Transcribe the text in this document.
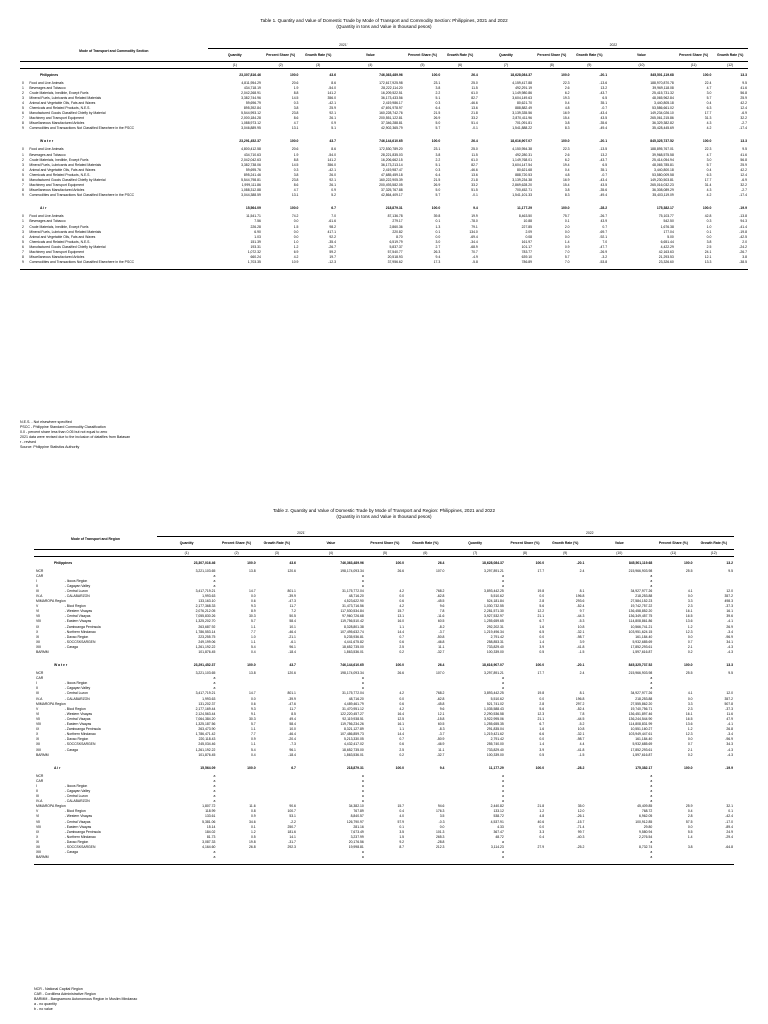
Table 1. Quantity and Value of Domestic Trade by Mode of Transport and Commodity Section: Philippines, 2021 and 2022
(Quantity in tons and Value in thousand pesos)
Mode of Transport and Commodity Section		2021'						2022					
		Quantity	Percent Share (%)	Growth Rate (%)	Value	Percent Share (%)	Growth Rate (%)	Quantity	Percent Share (%)	Growth Rate (%)	Value	Percent Share (%)	Growth Rate (%)
		(1)	(2)	(3)	(4)	(5)	(6)	(7)	(8)	(9)	(10)	(11)	(12)
Philippines		23,307,816.46	100.0	43.6	746,363,489.96	100.0	26.4	18,628,084.37	100.0	-20.1	845,501,119.68	100.0	13.3
0	Food and Live Animals	4,811,954.29	20.6	8.6	172,617,925.98	23.1	25.0	4,159,417.88	22.3	-13.6	188,970,870.78	22.4	9.5
1	Beverages and Tobacco	434,718.19	1.9	-54.0	28,222,114.20	3.8	11.5	492,291.19	2.6	13.2	39,969,118.08	4.7	41.6
2	Crude Materials, Inedible, Except Fuels	2,042,268.91	8.8	141.2	16,209,522.51	2.2	61.0	1,149,980.86	6.2	-43.7	25,415,731.32	3.0	56.8
3	Mineral Fuels, Lubricants and Related Materials	3,382,744.96	14.5	356.0	36,173,433.56	5.1	82.7	3,604,149.63	19.3	6.5	48,065,962.84	5.7	25.9
4	Animal and Vegetable Oils, Fats and Waxes	59,696.79	0.3	-42.1	2,419,986.17	0.3	-46.6	80,621.70	0.4	35.1	3,440,805.18	0.4	42.2
5	Chemicals and Related Products, N.E.S.	895,392.84	3.8	25.9	47,691,978.97	6.4	13.6	888,882.49	4.8	-0.7	53,586,661.02	6.3	12.4
6	Manufactured Goods Classified Chiefly by Material	5,544,993.12	23.8	92.1	160,228,742.76	21.5	21.8	3,139,335.56	16.9	-43.4	149,234,026.10	17.7	-6.9
7	Machinery and Transport Equipment	2,000,184.28	8.6	26.1	200,551,122.81	26.9	33.2	2,870,411.96	15.4	43.5	265,061,215.86	31.3	32.2
8	Miscellaneous Manufactured Articles	1,088,973.12	4.7	0.9	37,346,288.81	5.0	51.4	701,091.81	3.8	-35.6	36,329,382.82	4.3	-2.7
9	Commodities and Transactions Not Classified Elsewhere in the PSCC	3,046,889.95	13.1	5.1	42,902,365.79	5.7	-0.1	1,541,888.22	8.3	-49.4	35,428,445.69	4.2	-17.4

W a t e r		23,291,452.37	100.0	43.7	746,144,610.65	100.0	26.4	18,616,907.07	100.0	-20.1	845,325,737.52	100.0	13.3
0	Food and Live Animals	4,800,412.58	20.6	8.6	172,530,789.20	23.1	25.0	4,150,954.38	22.3	-13.5	188,895,767.01	22.3	9.5
1	Beverages and Tobacco	434,710.63	1.9	-54.0	28,221,835.03	3.8	11.5	492,280.31	2.6	13.2	39,968,575.58	4.7	41.6
2	Crude Materials, Inedible, Except Fuels	2,042,042.63	8.8	141.2	16,206,662.15	2.2	61.0	1,149,768.01	6.2	-43.7	25,414,054.94	3.0	56.8
3	Mineral Fuels, Lubricants and Related Materials	3,382,738.06	14.5	356.0	36,173,213.14	5.1	82.7	3,604,147.54	19.4	6.5	48,065,785.81	5.7	25.9
4	Animal and Vegetable Oils, Fats and Waxes	59,695.76	0.3	-42.1	2,419,987.47	0.3	-46.6	80,621.68	0.4	35.1	3,440,800.18	0.4	42.2
5	Chemicals and Related Products, N.E.S.	895,241.46	3.8	26.0	47,685,459.18	6.4	13.6	888,720.53	4.8	-0.7	53,580,009.58	6.3	12.4
6	Manufactured Goods Classified Chiefly by Material	5,544,798.81	23.8	92.1	160,222,905.39	21.5	21.8	3,139,234.38	16.9	-43.4	149,230,503.81	17.7	-6.9
7	Machinery and Transport Equipment	1,999,111.86	8.6	26.1	200,493,582.05	26.9	33.2	2,869,628.20	15.4	43.5	265,016,032.23	31.4	32.2
8	Miscellaneous Manufactured Articles	1,088,312.88	4.7	0.9	37,325,767.88	5.0	51.5	700,452.71	3.8	-35.6	36,308,089.29	4.3	-2.7
9	Commodities and Transactions Not Classified Elsewhere in the PSCC	3,044,388.59	13.1	5.2	42,864,409.17	5.7	-0.1	1,541,101.33	8.3	-49.4	35,403,119.09	4.2	-17.4

A i r		15,564.09	100.0	6.7	218,879.31	100.0	9.4	11,177.29	100.0	-28.2	175,382.17	100.0	-19.9
0	Food and Live Animals	11,541.71	74.2	7.0	87,136.78	39.8	19.9	8,463.50	75.7	-26.7	75,103.77	42.8	-13.8
1	Beverages and Tobacco	7.56	0.0	-61.6	279.17	0.1	-78.0	10.88	0.1	43.9	542.50	0.3	94.3
2	Crude Materials, Inedible, Except Fuels	226.28	1.5	98.2	2,860.36	1.3	79.1	227.85	2.0	0.7	1,676.38	1.0	-41.4
3	Mineral Fuels, Lubricants and Related Materials	6.90	0.0	417.1	220.82	0.1	134.0	2.09	0.0	-69.7	177.04	0.1	-19.8
4	Animal and Vegetable Oils, Fats and Waxes	1.03	0.0	92.2	8.70	0.0	-69.4	0.08	0.0	-92.1	5.00	0.0	-42.5
5	Chemicals and Related Products, N.E.S.	151.39	1.0	-35.4	6,519.79	3.0	-34.4	161.97	1.4	7.0	6,651.44	3.8	2.0
6	Manufactured Goods Classified Chiefly by Material	193.31	1.2	-26.7	5,837.37	2.7	-68.9	101.17	0.9	-47.7	4,422.29	2.5	-24.2
7	Machinery and Transport Equipment	1,072.32	6.9	59.2	57,540.77	26.3	70.7	783.77	7.0	-26.9	42,163.63	24.1	-26.7
8	Miscellaneous Manufactured Articles	660.24	4.2	19.7	20,518.93	9.4	-4.9	639.10	5.7	-3.2	21,293.53	12.1	3.8
9	Commodities and Transactions Not Classified Elsewhere in the PSCC	1,703.35	10.9	-12.3	37,956.62	17.3	-5.8	786.89	7.0	-53.8	23,326.60	13.3	-38.5

N.E.S. - Not elsewhere specified
PSCC - Philippine Standard Commodity Classification
0.0 - percent share less than 0.05 but not equal to zero
2021 data were revised due to the inclusion of datafiles from Batasan
r - revised
Source: Philippine Statistics Authority
Table 2. Quantity and Value of Domestic Trade by Mode of Transport and Region: Philippines, 2021 and 2022
(Quantity in tons and Value in thousand pesos)
Mode of Transport and Region		2021'						2022					
		Quantity	Percent Share (%)	Growth Rate (%)	Value	Percent Share (%)	Growth Rate (%)	Quantity	Percent Share (%)	Growth Rate (%)	Value	Percent Share (%)	Growth Rate (%)
		(1)	(2)	(3)	(4)	(5)	(6)	(7)	(8)	(9)	(10)	(11)	(12)
Philippines		23,307,016.46	100.0	43.6	746,363,489.96	100.0	26.4	18,628,084.37	100.0	-20.1	845,501,119.68	100.0	13.2
NCR		3,221,103.65	13.8	120.6	198,174,093.34	26.6	107.0	3,297,891.21	17.7	2.4	215,966,903.98	25.5	9.5
CAR		a			a			a			a		
I	- Ilocos Region	a			a			a			a		
II	- Cagayan Valley	a			a			a			a		
III	- Central Luzon	3,417,719.21	14.7	801.1	31,175,772.04	4.2	768.2	3,893,442.25	19.8	8.1	34,927,977.26	4.1	12.0
IV-A	- CALABARZON	1,993.63	0.0	-39.9	48,716.20	0.0	-62.8	5,510.62	0.0	196.8	218,253.88	0.0	357.2
MIMAROPA Region		133,163.10	0.6	-47.3	4,523,622.90	0.6	-45.5	524,181.84	2.8	293.6	27,584,152.23	3.3	498.3
V	- Bicol Region	2,177,368.33	9.3	11.7	31,473,716.56	4.2	9.6	1,030,732.55	5.6	-52.4	19,742,757.22	2.3	-37.3
VI	- Western Visayas	2,076,212.05	8.9	7.2	117,530,534.84	15.7	7.8	2,281,571.30	12.2	9.7	136,458,852.20	16.1	16.1
VII	- Central Visayas	7,055,830.26	30.3	50.5	97,960,726.68	13.1	-11.6	3,927,532.97	21.1	-44.3	136,349,457.75	16.5	39.6
VIII	- Eastern Visayas	1,325,202.70	5.7	58.4	119,756,510.42	16.0	60.5	1,255,659.65	6.7	-5.3	114,808,861.86	13.6	-4.1
IX	- Zamboanga Peninsula	263,687.92	1.1	10.1	8,328,801.38	1.1	-8.2	292,202.31	1.6	10.8	10,566,741.21	1.2	26.9
X	- Northern Mindanao	1,786,553.14	7.7	-46.4	107,495,632.74	14.4	-3.7	1,219,496.34	6.5	-32.1	103,951,624.15	12.3	-3.4
XI	- Davao Region	223,255.75	1.0	-21.1	5,235,936.81	0.7	-50.8	2,791.42	0.0	-98.7	161,184.40	0.0	-96.9
XII	- SOCCSKSARGEN	249,199.06	1.1	-6.1	4,441,675.82	0.6	-46.8	258,853.31	1.4	3.9	5,932,685.69	0.7	34.1
XIII	- Caraga	1,261,192.22	5.4	96.1	18,652,735.00	2.5	11.1	733,829.40	3.9	-41.8	17,852,293.61	2.1	-4.3
BARMM		101,876.45	0.4	-18.4	1,863,536.01	0.2	-32.7	100,339.00	0.5	-1.5	1,597,616.87	0.2	-4.3

W a t e r		23,291,452.37	100.0	43.7	746,144,610.65	100.0	26.4	18,616,907.07	100.0	-20.1	845,325,737.52	100.0	13.3
NCR		3,221,103.65	13.8	120.6	198,174,093.34	26.6	107.0	3,297,891.21	17.7	2.4	215,966,903.98	25.5	9.5
CAR		a			a			a			a		
I	- Ilocos Region	a			a			a			a		
II	- Cagayan Valley	a			a			a			a		
III	- Central Luzon	3,417,719.21	14.7	801.1	31,175,772.04	4.2	768.2	3,893,442.25	19.8	8.1	34,927,977.26	4.1	12.0
IV-A	- CALABARZON	1,993.63	0.0	-39.9	48,716.20	0.0	-62.8	5,510.62	0.0	196.8	218,253.88	0.0	357.2
MIMAROPA Region		131,202.37	0.6	-47.6	4,489,461.79	0.6	-45.8	521,741.02	2.8	297.2	27,555,862.20	3.3	507.8
V	- Bicol Region	2,177,169.44	9.3	11.7	31,470,951.12	4.2	9.6	1,035,588.43	5.6	-52.4	19,740,756.71	2.3	-37.3
VI	- Western Visayas	2,124,563.44	9.1	8.5	122,220,457.27	16.4	12.1	2,290,536.58	12.3	7.8	136,451,897.46	16.1	11.6
VII	- Central Visayas	7,064,384.20	30.3	49.4	92,119,938.51	12.5	-15.8	3,922,995.06	21.1	-44.5	136,244,544.90	16.5	47.9
VIII	- Eastern Visayas	1,325,187.56	5.7	58.4	119,756,234.26	16.1	60.5	1,255,655.35	6.7	-5.2	114,808,831.99	13.6	-4.1
IX	- Zamboanga Peninsula	263,473.90	1.1	10.0	8,321,127.89	1.1	-8.3	291,835.04	1.6	10.8	10,551,160.27	1.2	26.8
X	- Northern Mindanao	1,786,471.42	7.7	-46.4	107,486,859.73	14.4	-3.7	1,219,421.62	6.6	-32.1	103,949,447.61	12.3	-3.4
XI	- Davao Region	220,118.43	0.9	-20.4	5,213,330.05	0.7	-50.9	2,791.42	0.0	-98.7	161,184.40	0.0	-96.9
XII	- SOCCSKSARGEN	245,034.46	1.1	-7.3	4,432,417.02	0.6	-46.9	255,740.00	1.4	4.4	5,932,685.69	0.7	34.3
XIII	- Caraga	1,261,192.22	5.4	96.1	18,652,735.00	2.5	11.1	733,829.40	3.9	-41.8	17,852,293.61	2.1	-4.3
BARMM		101,876.45	0.4	-18.4	1,863,536.01	0.2	-32.7	100,339.00	0.5	-1.5	1,597,616.87	0.2	-4.3

A i r		15,564.09	100.0	6.7	218,879.31	100.0	9.4	11,177.29	100.0	-28.2	175,382.17	100.0	-19.9
NCR		a			a			a			a		
CAR		a			a			a			a		
I	- Ilocos Region	a			a			a			a		
II	- Cagayan Valley	a			a			a			a		
III	- Central Luzon	a			a			a			a		
IV-A	- CALABARZON	a			a			a			a		
MIMAROPA Region		1,807.72	11.6	90.6	34,382.10	15.7	94.6	2,440.82	21.8	35.0	45,409.85	25.9	32.1
V	- Bicol Region	118.99	0.8	100.7	767.89	0.4	176.3	133.12	1.2	12.0	768.72	0.4	0.1
VI	- Western Visayas	133.61	0.9	53.1	8,840.57	4.0	3.5	538.72	4.8	-26.1	6,962.05	2.8	-42.4
VII	- Central Visayas	5,381.06	34.6	-2.2	126,790.97	57.9	-0.3	4,537.91	40.6	-15.7	100,912.85	57.5	-17.0
VIII	- Eastern Visayas	15.14	0.1	250.7	281.16	0.1	0.0	4.33	0.0	-71.4	29.80	0.0	-89.4
IX	- Zamboanga Peninsula	184.02	1.2	181.6	7,673.49	3.5	101.3	367.47	3.3	99.7	9,580.94	5.5	24.9
X	- Northern Mindanao	81.73	0.5	14.1	3,237.99	1.5	265.3	48.72	0.4	-40.3	2,276.54	1.4	-29.4
XI	- Davao Region	3,087.33	19.8	-31.7	20,176.56	9.2	-28.8	a			a		
XII	- SOCCSKSARGEN	4,164.60	26.8	292.3	19,998.81	8.7	212.3	3,114.23	27.9	-25.2	8,732.74	3.8	-64.8
XIII	- Caraga	a			a			a			a		
BARMM		a			a			a			a		

NCR - National Capital Region
CAR - Cordillera Administrative Region
BARMM - Bangsamoro Autonomous Region in Muslim Mindanao
a - no quantity
b - no value
